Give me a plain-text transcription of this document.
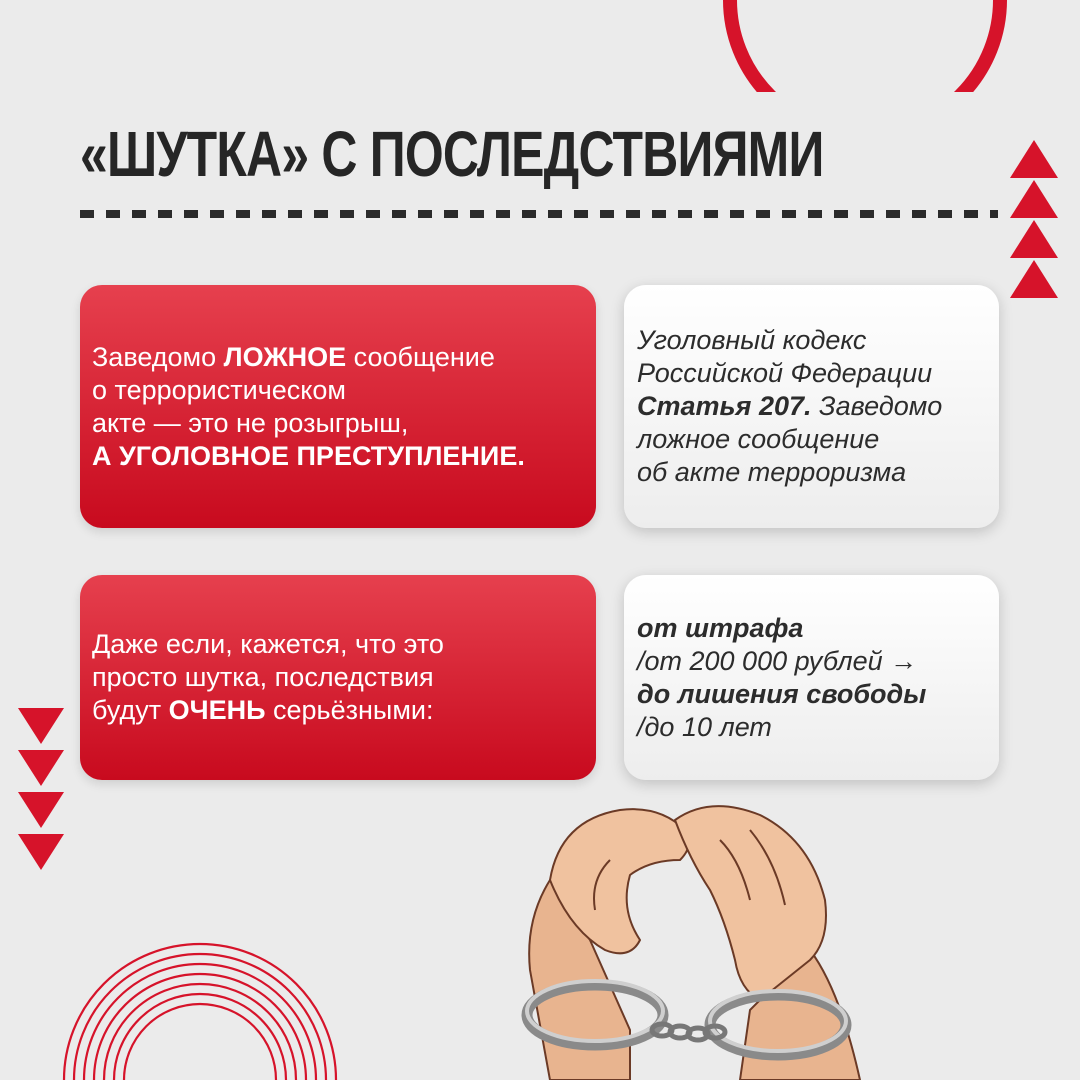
«ШУТКА» С ПОСЛЕДСТВИЯМИ
Заведомо ЛОЖНОЕ сообщение
о террористическом
акте — это не розыгрыш,
А УГОЛОВНОЕ ПРЕСТУПЛЕНИЕ.
Уголовный кодекс
Российской Федерации
Статья 207. Заведомо
ложное сообщение
об акте терроризма
Даже если, кажется, что это
просто шутка, последствия
будут ОЧЕНЬ серьёзными:
от штрафа
/от 200 000 рублей →
до лишения свободы
/до 10 лет
